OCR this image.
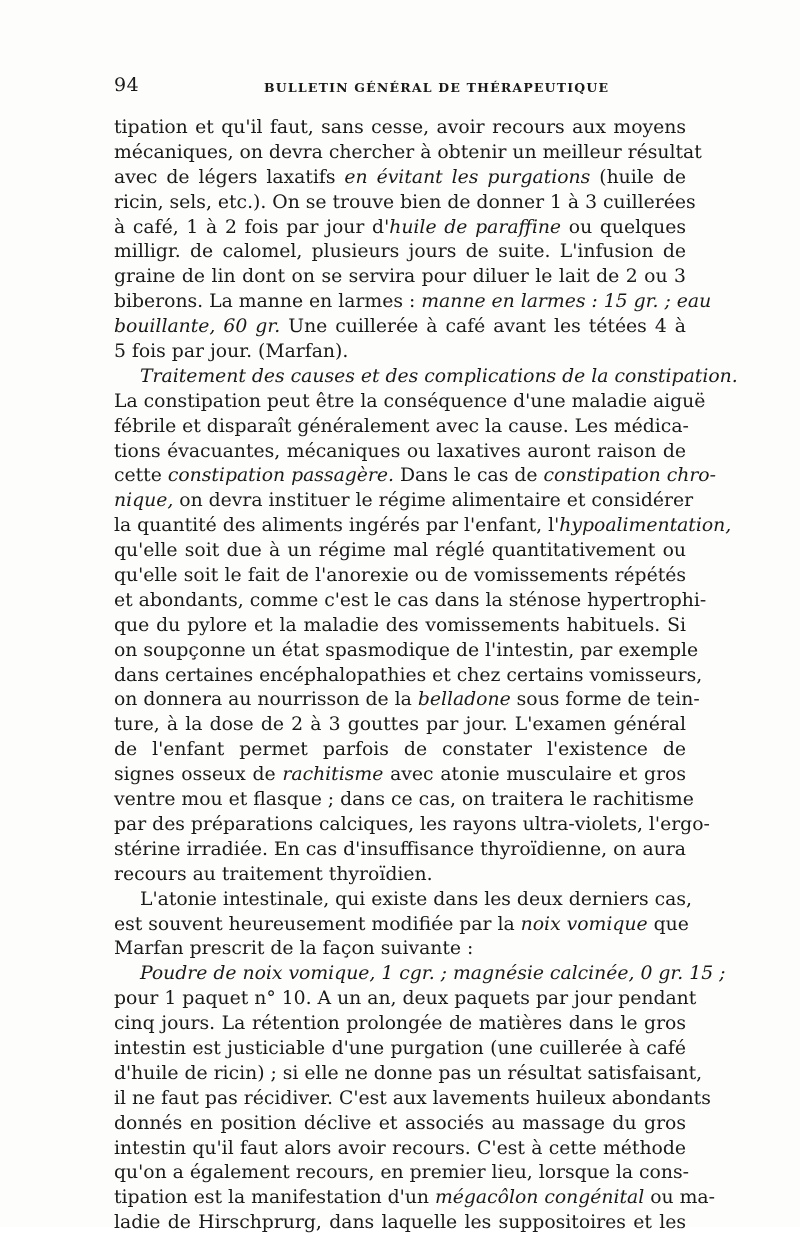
94	BULLETIN GÉNÉRAL DE THÉRAPEUTIQUE
tipation et qu'il faut, sans cesse, avoir recours aux moyens
mécaniques, on devra chercher à obtenir un meilleur résultat
avec de légers laxatifs en évitant les purgations (huile de
ricin, sels, etc.). On se trouve bien de donner 1 à 3 cuillerées
à café, 1 à 2 fois par jour d'huile de paraffine ou quelques
milligr. de calomel, plusieurs jours de suite. L'infusion de
graine de lin dont on se servira pour diluer le lait de 2 ou 3
biberons. La manne en larmes : manne en larmes : 15 gr. ; eau
bouillante, 60 gr. Une cuillerée à café avant les tétées 4 à
5 fois par jour. (Marfan).
Traitement des causes et des complications de la constipation.
La constipation peut être la conséquence d'une maladie aiguë
fébrile et disparaît généralement avec la cause. Les médica-
tions évacuantes, mécaniques ou laxatives auront raison de
cette constipation passagère. Dans le cas de constipation chro-
nique, on devra instituer le régime alimentaire et considérer
la quantité des aliments ingérés par l'enfant, l'hypoalimentation,
qu'elle soit due à un régime mal réglé quantitativement ou
qu'elle soit le fait de l'anorexie ou de vomissements répétés
et abondants, comme c'est le cas dans la sténose hypertrophi-
que du pylore et la maladie des vomissements habituels. Si
on soupçonne un état spasmodique de l'intestin, par exemple
dans certaines encéphalopathies et chez certains vomisseurs,
on donnera au nourrisson de la belladone sous forme de tein-
ture, à la dose de 2 à 3 gouttes par jour. L'examen général
de l'enfant permet parfois de constater l'existence de
signes osseux de rachitisme avec atonie musculaire et gros
ventre mou et flasque ; dans ce cas, on traitera le rachitisme
par des préparations calciques, les rayons ultra-violets, l'ergo-
stérine irradiée. En cas d'insuffisance thyroïdienne, on aura
recours au traitement thyroïdien.
L'atonie intestinale, qui existe dans les deux derniers cas,
est souvent heureusement modifiée par la noix vomique que
Marfan prescrit de la façon suivante :
Poudre de noix vomique, 1 cgr. ; magnésie calcinée, 0 gr. 15 ;
pour 1 paquet n° 10. A un an, deux paquets par jour pendant
cinq jours. La rétention prolongée de matières dans le gros
intestin est justiciable d'une purgation (une cuillerée à café
d'huile de ricin) ; si elle ne donne pas un résultat satisfaisant,
il ne faut pas récidiver. C'est aux lavements huileux abondants
donnés en position déclive et associés au massage du gros
intestin qu'il faut alors avoir recours. C'est à cette méthode
qu'on a également recours, en premier lieu, lorsque la cons-
tipation est la manifestation d'un mégacôlon congénital ou ma-
ladie de Hirschprurg, dans laquelle les suppositoires et les
